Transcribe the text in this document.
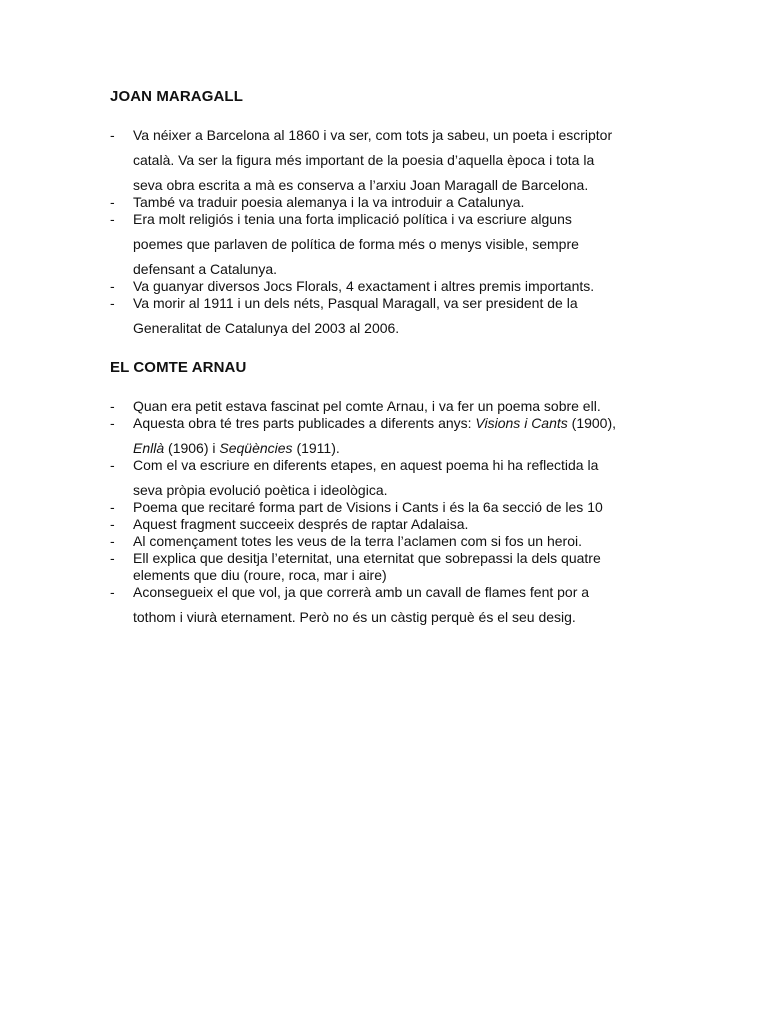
JOAN MARAGALL
- Va néixer a Barcelona al 1860 i va ser, com tots ja sabeu, un poeta i escriptor
català. Va ser la figura més important de la poesia d’aquella època i tota la
seva obra escrita a mà es conserva a l’arxiu Joan Maragall de Barcelona.
- També va traduir poesia alemanya i la va introduir a Catalunya.
- Era molt religiós i tenia una forta implicació política i va escriure alguns
poemes que parlaven de política de forma més o menys visible, sempre
defensant a Catalunya.
- Va guanyar diversos Jocs Florals, 4 exactament i altres premis importants.
- Va morir al 1911 i un dels néts, Pasqual Maragall, va ser president de la
Generalitat de Catalunya del 2003 al 2006.
EL COMTE ARNAU
- Quan era petit estava fascinat pel comte Arnau, i va fer un poema sobre ell.
- Aquesta obra té tres parts publicades a diferents anys: Visions i Cants (1900),
Enllà (1906) i Seqüències (1911).
- Com el va escriure en diferents etapes, en aquest poema hi ha reflectida la
seva pròpia evolució poètica i ideològica.
- Poema que recitaré forma part de Visions i Cants i és la 6a secció de les 10
- Aquest fragment succeeix després de raptar Adalaisa.
- Al començament totes les veus de la terra l’aclamen com si fos un heroi.
- Ell explica que desitja l’eternitat, una eternitat que sobrepassi la dels quatre
elements que diu (roure, roca, mar i aire)
- Aconsegueix el que vol, ja que correrà amb un cavall de flames fent por a
tothom i viurà eternament. Però no és un càstig perquè és el seu desig.
